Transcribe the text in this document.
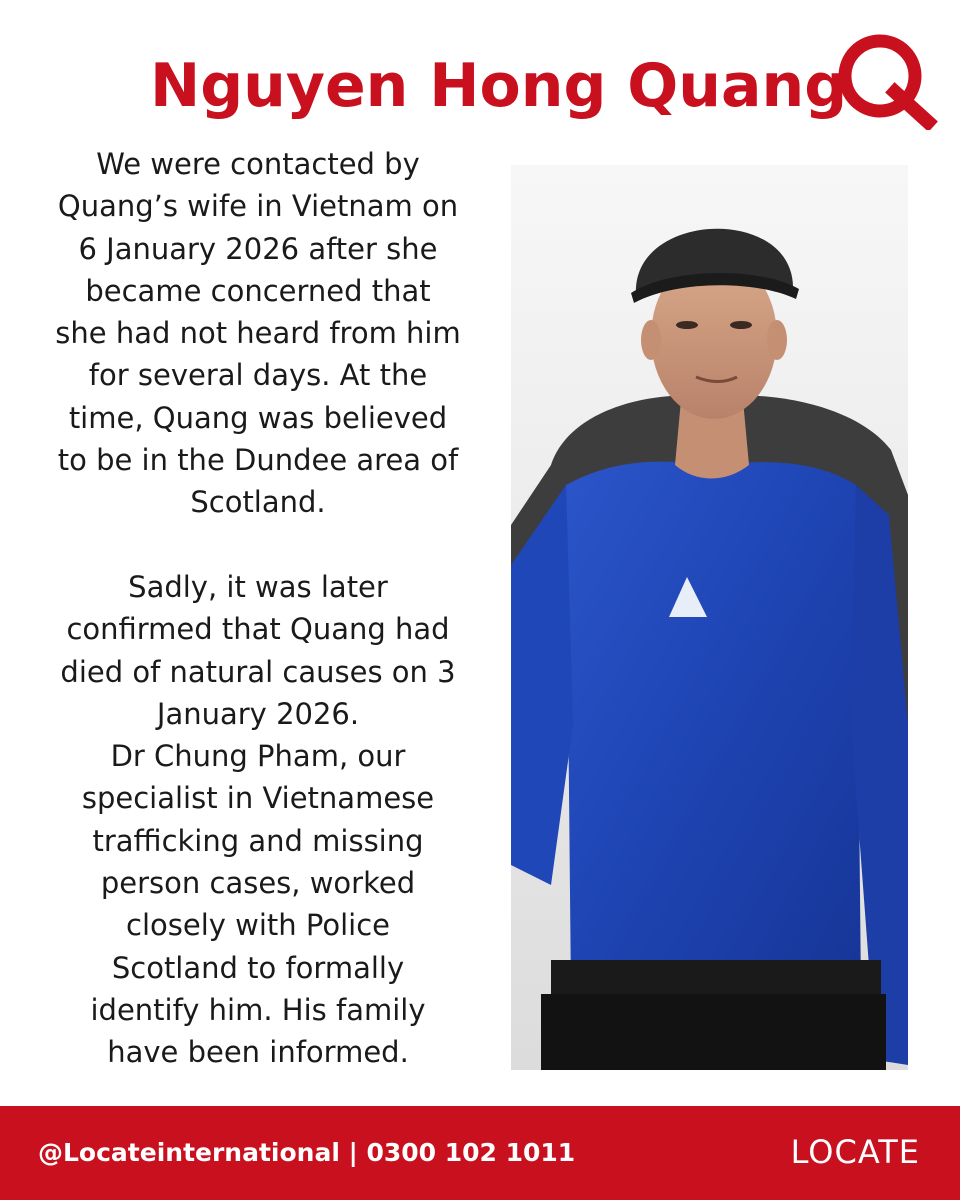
Nguyen Hong Quang

We were contacted by
Quang’s wife in Vietnam on
6 January 2026 after she
became concerned that
she had not heard from him
for several days. At the
time, Quang was believed
to be in the Dundee area of
Scotland.

Sadly, it was later
confirmed that Quang had
died of natural causes on 3
January 2026.
Dr Chung Pham, our
specialist in Vietnamese
trafficking and missing
person cases, worked
closely with Police
Scotland to formally
identify him. His family
have been informed.

@Locateinternational | 0300 102 1011	LOCATE
